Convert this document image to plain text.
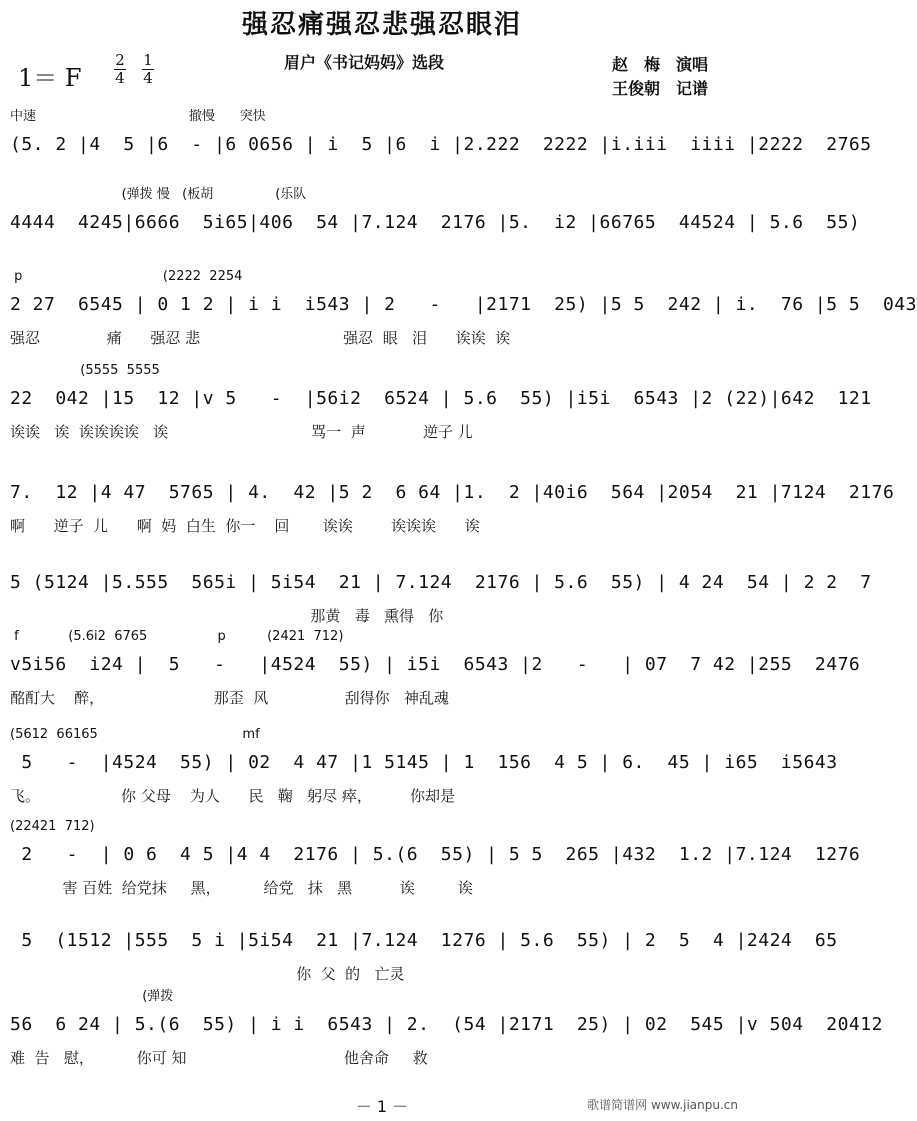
强忍痛强忍悲强忍眼泪
眉户《书记妈妈》选段	赵　梅　演唱
王俊朝　记谱
1＝ F
2
4
1
4
中速                                     撤慢      突快
(5. 2 |4  5 |6  - |6 0656 | i  5 |6  i |2.222  2222 |i.iii  iiii |2222  2765
(弹拨 慢   (板胡               (乐队
4444  4245|6666  5i65|406  54 |7.124  2176 |5.  i2 |66765  44524 | 5.6  55)
p                                  (2222  2254
2 27  6545 | 0 1 2 | i i  i543 | 2   -   |2171  25) |5 5  242 | i.  76 |5 5  043
强忍              痛      强忍 悲                              强忍  眼   泪      诶诶  诶
(5555  5555
22  042 |15  12 |v 5   -  |56i2  6524 | 5.6  55) |i5i  6543 |2 (22)|642  121
诶诶   诶  诶诶诶诶   诶                              骂一  声            逆子 儿
7.  12 |4 47  5765 | 4.  42 |5 2  6 64 |1.  2 |40i6  564 |2054  21 |7124  2176
啊      逆子  儿      啊  妈  白生  你一    回       诶诶        诶诶诶      诶
5 (5124 |5.555  565i | 5i54  21 | 7.124  2176 | 5.6  55) | 4 24  54 | 2 2  7
那黄   毒   熏得   你
f            (5.6i2  6765                 p          (2421  712)
v5i56  i24 |  5   -   |4524  55) | i5i  6543 |2   -   | 07  7 42 |255  2476
酩酊大    醉，                       那歪  风                刮得你   神乱魂
(5612  66165                                   mf
5   -  |4524  55) | 02  4 47 |1 5145 | 1  156  4 5 | 6.  45 | i65  i5643
飞。                 你 父母    为人      民   鞠   躬尽 瘁，        你却是
(22421  712)
2   -  | 0 6  4 5 |4 4  2176 | 5.(6  55) | 5 5  265 |432  1.2 |7.124  1276
害 百姓  给党抹     黑，         给党   抹   黑          诶         诶
5  (1512 |555  5 i |5i54  21 |7.124  1276 | 5.6  55) | 2  5  4 |2424  65
你  父  的   亡灵
(弹拨
56  6 24 | 5.(6  55) | i i  6543 | 2.  (54 |2171  25) | 02  545 |v 504  20412
难  告   慰，         你可 知                                 他舍命     救
－ 1 －	歌谱简谱网 www.jianpu.cn
